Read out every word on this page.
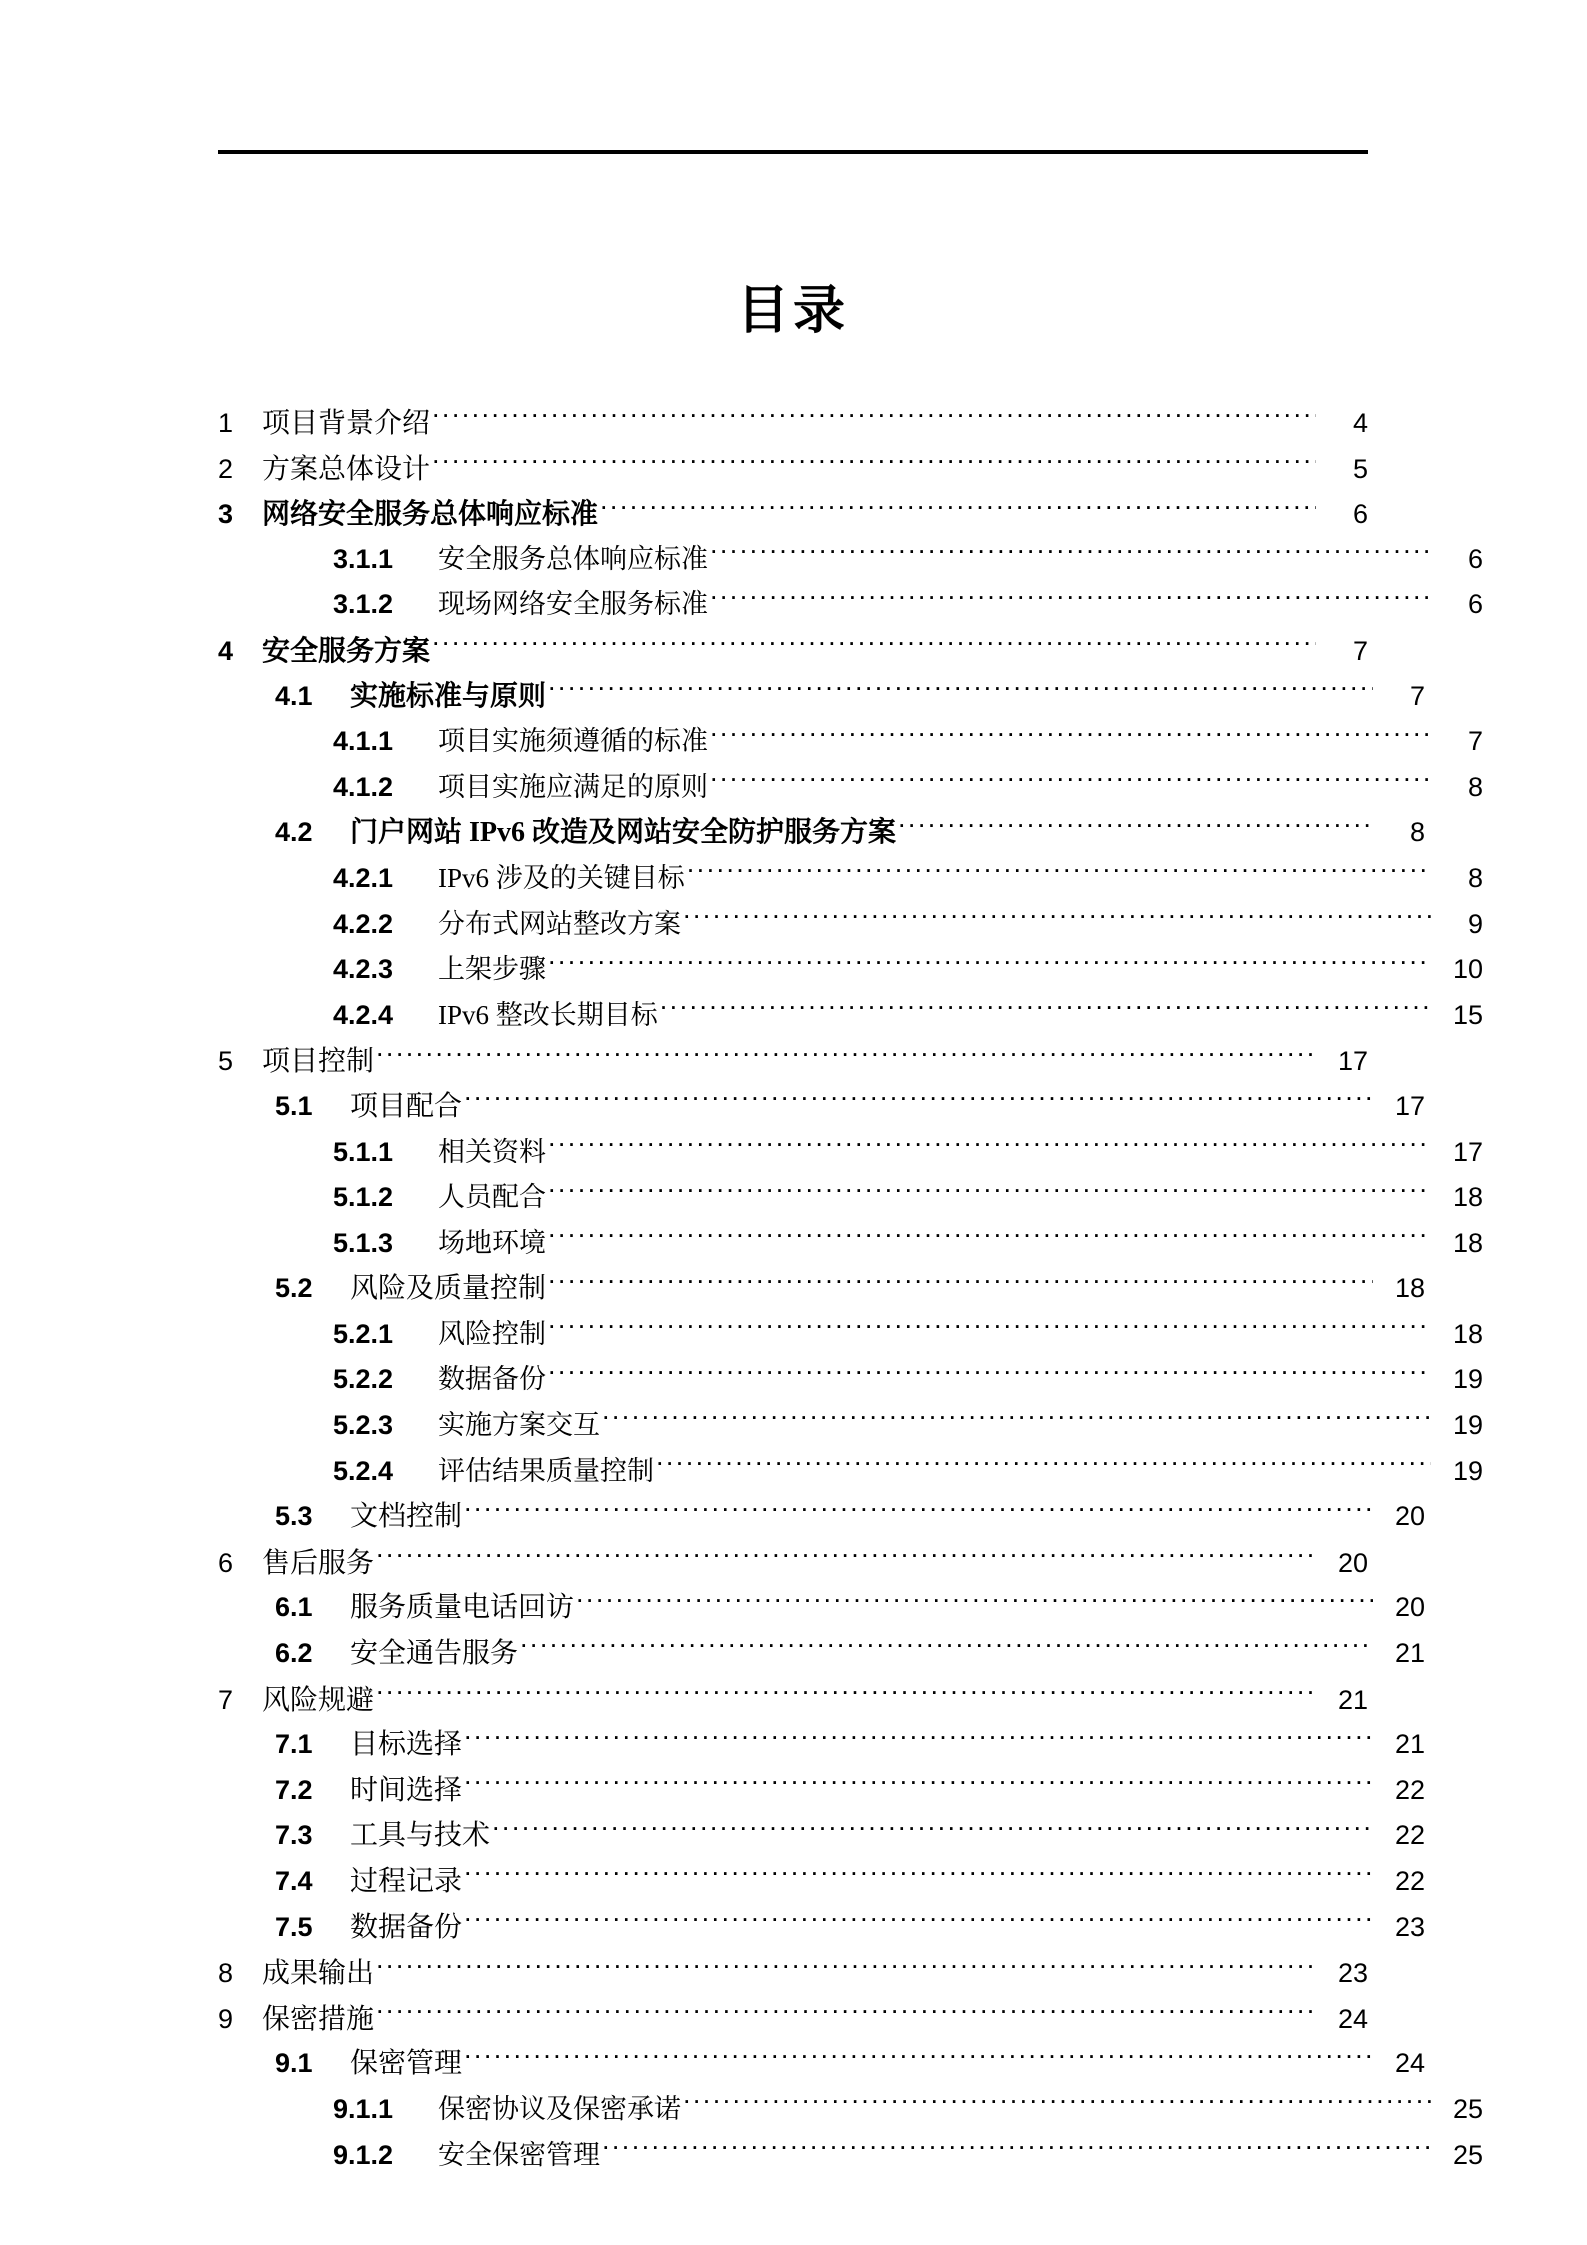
目录
1	项目背景介绍 .....	4
2	方案总体设计 .....	5
3	网络安全服务总体响应标准 .....	6
3.1.1	安全服务总体响应标准 .....	6
3.1.2	现场网络安全服务标准 .....	6
4	安全服务方案 .....	7
4.1	实施标准与原则 .....	7
4.1.1	项目实施须遵循的标准 .....	7
4.1.2	项目实施应满足的原则 .....	8
4.2	门户网站 IPv6 改造及网站安全防护服务方案 .....	8
4.2.1	IPv6 涉及的关键目标 .....	8
4.2.2	分布式网站整改方案 .....	9
4.2.3	上架步骤 .....	10
4.2.4	IPv6 整改长期目标 .....	15
5	项目控制 .....	17
5.1	项目配合 .....	17
5.1.1	相关资料 .....	17
5.1.2	人员配合 .....	18
5.1.3	场地环境 .....	18
5.2	风险及质量控制 .....	18
5.2.1	风险控制 .....	18
5.2.2	数据备份 .....	19
5.2.3	实施方案交互 .....	19
5.2.4	评估结果质量控制 .....	19
5.3	文档控制 .....	20
6	售后服务 .....	20
6.1	服务质量电话回访 .....	20
6.2	安全通告服务 .....	21
7	风险规避 .....	21
7.1	目标选择 .....	21
7.2	时间选择 .....	22
7.3	工具与技术 .....	22
7.4	过程记录 .....	22
7.5	数据备份 .....	23
8	成果输出 .....	23
9	保密措施 .....	24
9.1	保密管理 .....	24
9.1.1	保密协议及保密承诺 .....	25
9.1.2	安全保密管理 .....	25
